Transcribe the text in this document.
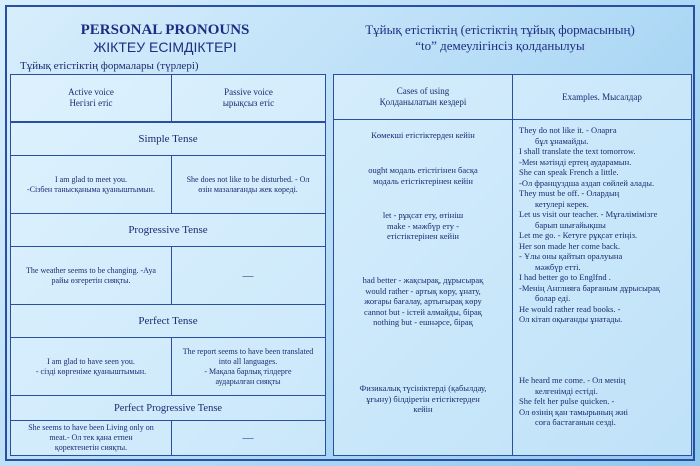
PERSONAL PRONOUNS
ЖІКТЕУ ЕСІМДІКТЕРІ
Тұйық етістіктің формалары (түрлері)
Тұйық етістіктің (етістіктің тұйық формасының)
“to” демеулігінсіз қолданылуы
Active voice
Негізгі етіс
Passive voice
ырықсыз етіс
Simple Tense
I am glad to meet you.
-Сізбен танысқаныма қуаныштымын.
She does not like to be disturbed. - Ол
өзін мазалағанды жек көреді.
Progressive Tense
The weather seems to be changing. -Ауа
райы өзгеретін сияқты.	—
Perfect Tense
I am glad to have seen you.
- сізді көргеніме қуаныштымын.
The report seems to have been translated
into all languages.
- Мақала барлық тілдерге
аударылған сияқты
Perfect Progressive Tense
She seems to have been Living only on
meat.- Ол тек қана етпен
қоректенетін сияқты.
—
Cases of using
Қолданылатын кездері
Examples. Мысалдар
Көмекші етістіктерден кейін
ought модаль етістігінен басқа
модаль етістіктерінен кейін
let - рұқсат ету, өтініш
make - мәжбүр ету -
етістіктерінен кейін
had better - жақсырақ, дұрысырақ
would rather - артық көру, ұнату,
жоғары бағалау, артығырақ көру
cannot but - істей алмайды, бірақ
nothing but - ешнәрсе, бірақ
Физикалық түсініктерді (қабылдау,
ұғыну) білдіретін етістіктерден
кейін
They do not like it. - Оларға
бұл ұнамайды.
I shall translate the text tomorrow.
-Мен мәтінді ертең аударамын.
She can speak French a little.
-Ол француздша аздап сөйлей алады.
They must be off. - Олардың
кетулері керек.
Let us visit our teacher. - Мұғалімімізге
барып шығайықшы
Let me go. - Кетуге рұқсат етіңіз.
Her son made her come back.
- Ұлы оны қайтып оралуына
мәжбүр етті.
I had better go to Englfnd .
-Менің Англияға барғаным дұрысырақ
болар еді.
He would rather read books. -
Ол кітап оқығанды ұнатады.
He heard me come. - Ол менің
келгенімді естіді.
She felt her pulse quicken. -
Ол өзінің қан тамырының жиі
соға бастағанын сезді.
